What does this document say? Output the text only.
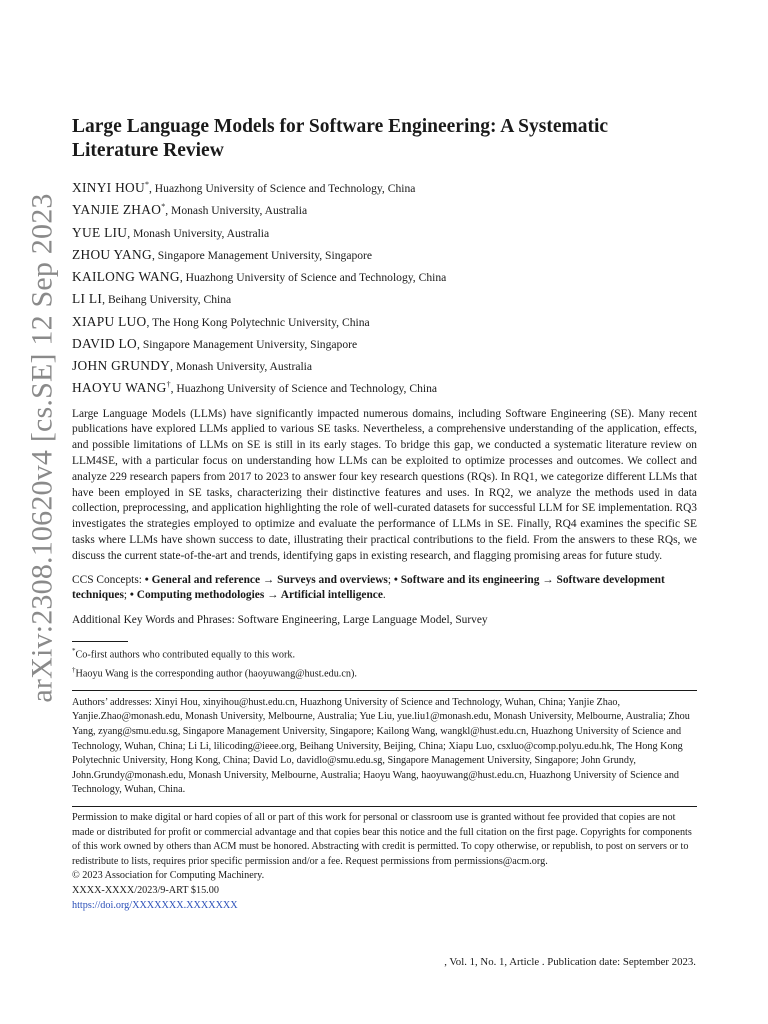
arXiv:2308.10620v4 [cs.SE] 12 Sep 2023
Large Language Models for Software Engineering: A Systematic Literature Review
XINYI HOU*, Huazhong University of Science and Technology, China
YANJIE ZHAO*, Monash University, Australia
YUE LIU, Monash University, Australia
ZHOU YANG, Singapore Management University, Singapore
KAILONG WANG, Huazhong University of Science and Technology, China
LI LI, Beihang University, China
XIAPU LUO, The Hong Kong Polytechnic University, China
DAVID LO, Singapore Management University, Singapore
JOHN GRUNDY, Monash University, Australia
HAOYU WANG†, Huazhong University of Science and Technology, China
Large Language Models (LLMs) have significantly impacted numerous domains, including Software Engineering (SE). Many recent publications have explored LLMs applied to various SE tasks. Nevertheless, a comprehensive understanding of the application, effects, and possible limitations of LLMs on SE is still in its early stages. To bridge this gap, we conducted a systematic literature review on LLM4SE, with a particular focus on understanding how LLMs can be exploited to optimize processes and outcomes. We collect and analyze 229 research papers from 2017 to 2023 to answer four key research questions (RQs). In RQ1, we categorize different LLMs that have been employed in SE tasks, characterizing their distinctive features and uses. In RQ2, we analyze the methods used in data collection, preprocessing, and application highlighting the role of well-curated datasets for successful LLM for SE implementation. RQ3 investigates the strategies employed to optimize and evaluate the performance of LLMs in SE. Finally, RQ4 examines the specific SE tasks where LLMs have shown success to date, illustrating their practical contributions to the field. From the answers to these RQs, we discuss the current state-of-the-art and trends, identifying gaps in existing research, and flagging promising areas for future study.
CCS Concepts: • General and reference → Surveys and overviews; • Software and its engineering → Software development techniques; • Computing methodologies → Artificial intelligence.
Additional Key Words and Phrases: Software Engineering, Large Language Model, Survey
*Co-first authors who contributed equally to this work.
†Haoyu Wang is the corresponding author (haoyuwang@hust.edu.cn).
Authors’ addresses: Xinyi Hou, xinyihou@hust.edu.cn, Huazhong University of Science and Technology, Wuhan, China; Yanjie Zhao, Yanjie.Zhao@monash.edu, Monash University, Melbourne, Australia; Yue Liu, yue.liu1@monash.edu, Monash University, Melbourne, Australia; Zhou Yang, zyang@smu.edu.sg, Singapore Management University, Singapore; Kailong Wang, wangkl@hust.edu.cn, Huazhong University of Science and Technology, Wuhan, China; Li Li, lilicoding@ieee.org, Beihang University, Beijing, China; Xiapu Luo, csxluo@comp.polyu.edu.hk, The Hong Kong Polytechnic University, Hong Kong, China; David Lo, davidlo@smu.edu.sg, Singapore Management University, Singapore; John Grundy, John.Grundy@monash.edu, Monash University, Melbourne, Australia; Haoyu Wang, haoyuwang@hust.edu.cn, Huazhong University of Science and Technology, Wuhan, China.
Permission to make digital or hard copies of all or part of this work for personal or classroom use is granted without fee provided that copies are not made or distributed for profit or commercial advantage and that copies bear this notice and the full citation on the first page. Copyrights for components of this work owned by others than ACM must be honored. Abstracting with credit is permitted. To copy otherwise, or republish, to post on servers or to redistribute to lists, requires prior specific permission and/or a fee. Request permissions from permissions@acm.org.
© 2023 Association for Computing Machinery.
XXXX-XXXX/2023/9-ART $15.00
https://doi.org/XXXXXXX.XXXXXXX
, Vol. 1, No. 1, Article . Publication date: September 2023.
